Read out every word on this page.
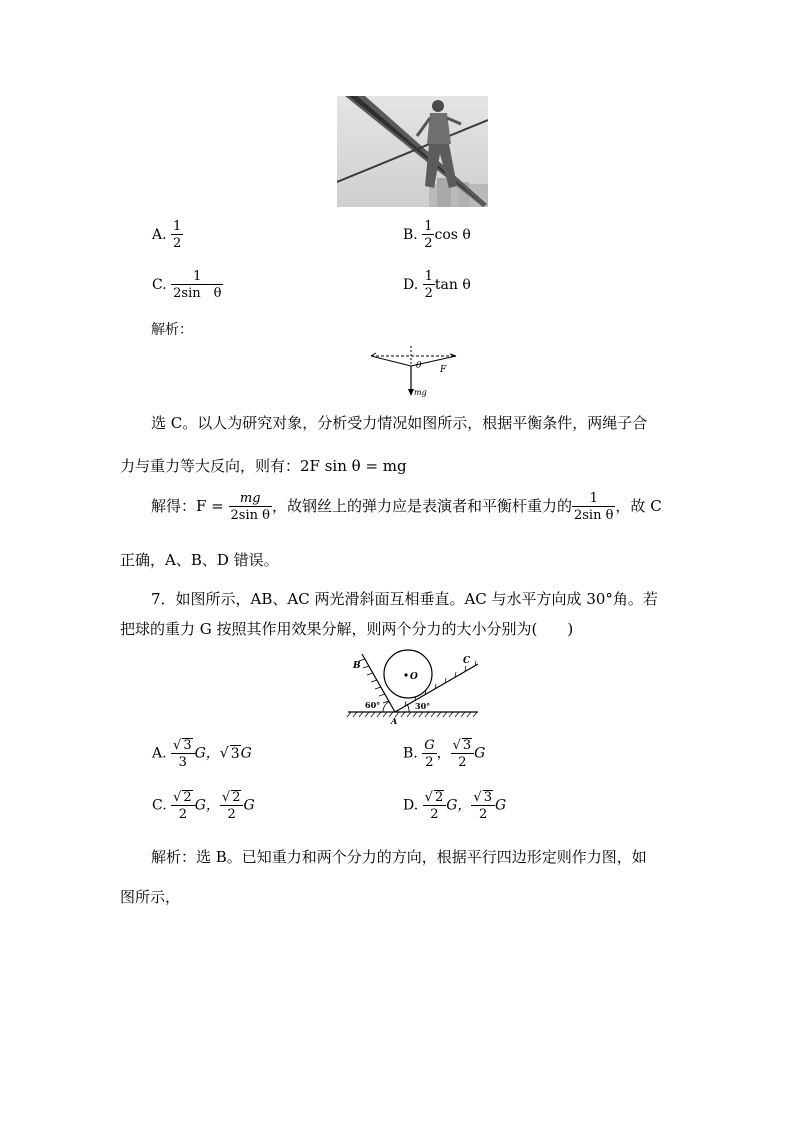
A. $\frac{1}{2}$	B. $\frac{1}{2}$ cos θ
C. $\frac{1}{\text{2sin　θ}}$	D. $\frac{1}{2}$ tan θ
解析：
θ F
mg
选 C。以人为研究对象，分析受力情况如图所示，根据平衡条件，两绳子合
力与重力等大反向，则有：2F sin θ = mg
解得：$F = \frac{mg}{\text{2sin θ}}$ ，故钢丝上的弹力应是表演者和平衡杆重力的 $\frac{1}{\text{2sin θ}}$ ，故 C
正确，A、B、D 错误。
7．如图所示，AB、AC 两光滑斜面互相垂直。AC 与水平方向成 30°角。若
把球的重力 G 按照其作用效果分解，则两个分力的大小分别为(　　)
B	C
O
A
60°	30°
A. $\frac{√ 3}{3}$ G，√ 3G	B. $\frac{G}{2}$ ， $\frac{√ 3}{2}$ G
C. $\frac{√ 2}{2}$ G， $\frac{√ 2}{2}$ G	D. $\frac{√ 2}{2}$ G， $\frac{√ 3}{2}$ G
解析：选 B。已知重力和两个分力的方向，根据平行四边形定则作力图，如
图所示，
